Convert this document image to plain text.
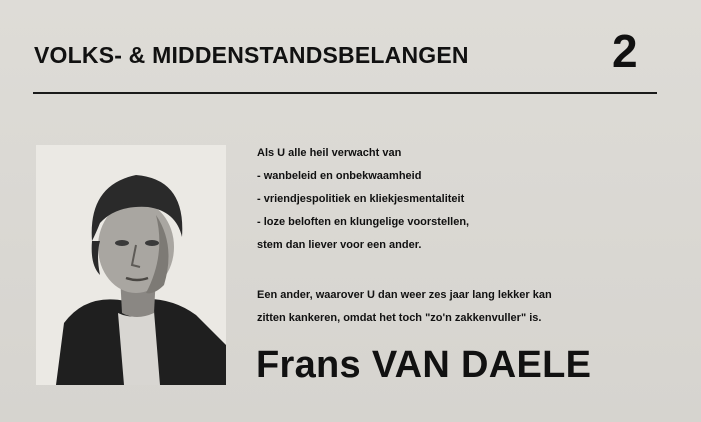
VOLKS- & MIDDENSTANDSBELANGEN	2
Als U alle heil verwacht van
- wanbeleid en onbekwaamheid
- vriendjespolitiek en kliekjesmentaliteit
- loze beloften en klungelige voorstellen,
stem dan liever voor een ander.
Een ander, waarover U dan weer zes jaar lang lekker kan
zitten kankeren, omdat het toch "zo'n zakkenvuller" is.
Frans VAN DAELE
